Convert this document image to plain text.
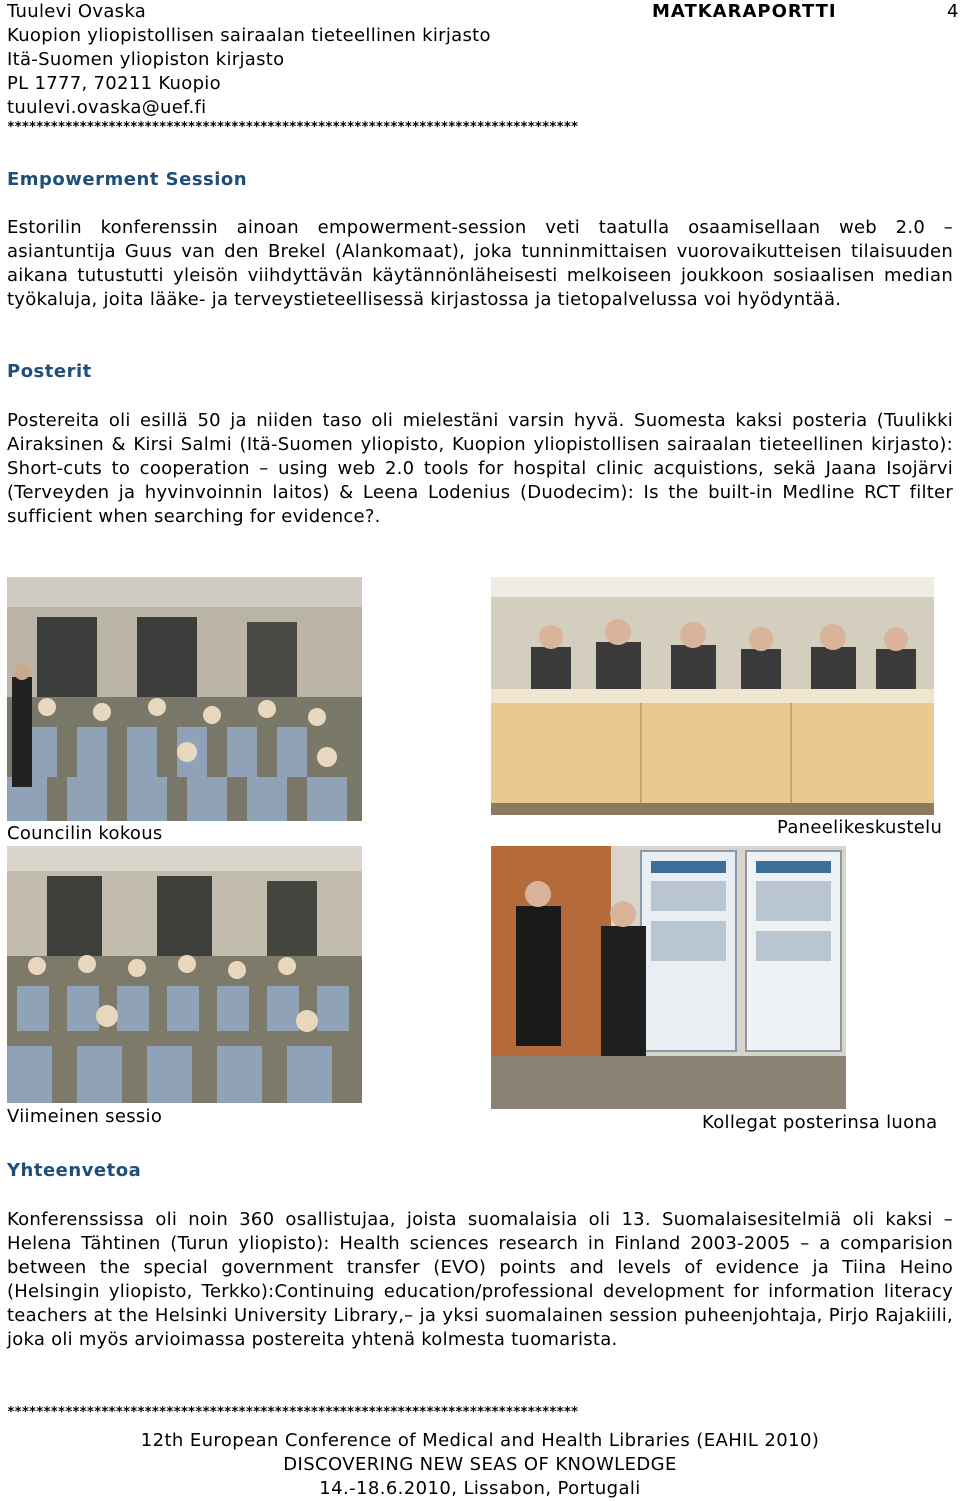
Tuulevi Ovaska
Kuopion yliopistollisen sairaalan tieteellinen kirjasto
Itä-Suomen yliopiston kirjasto
PL 1777, 70211 Kuopio
tuulevi.ovaska@uef.fi
MATKARAPORTTI	4
*******************************************************************************
Empowerment Session
Estorilin konferenssin ainoan empowerment-session veti taatulla osaamisellaan web 2.0 – asiantuntija Guus van den Brekel (Alankomaat), joka tunninmittaisen vuorovaikutteisen tilaisuuden aikana tutustutti yleisön viihdyttävän käytännönläheisesti melkoiseen joukkoon sosiaalisen median työkaluja, joita lääke- ja terveystieteellisessä kirjastossa ja tietopalvelussa voi hyödyntää.
Posterit
Postereita oli esillä 50 ja niiden taso oli mielestäni varsin hyvä. Suomesta kaksi posteria (Tuulikki Airaksinen & Kirsi Salmi (Itä-Suomen yliopisto, Kuopion yliopistollisen sairaalan tieteellinen kirjasto): Short-cuts to cooperation – using web 2.0 tools for hospital clinic acquistions, sekä Jaana Isojärvi (Terveyden ja hyvinvoinnin laitos) & Leena Lodenius (Duodecim): Is the built-in Medline RCT filter sufficient when searching for evidence?.
Councilin kokous	Paneelikeskustelu
Viimeinen sessio	Kollegat posterinsa luona
Yhteenvetoa
Konferenssissa oli noin 360 osallistujaa, joista suomalaisia oli 13. Suomalaisesitelmiä oli kaksi – Helena Tähtinen (Turun yliopisto): Health sciences research in Finland 2003-2005 – a comparision between the special government transfer (EVO) points and levels of evidence ja Tiina Heino (Helsingin yliopisto, Terkko):Continuing education/professional development for information literacy teachers at the Helsinki University Library,– ja yksi suomalainen session puheenjohtaja, Pirjo Rajakiili, joka oli myös arvioimassa postereita yhtenä kolmesta tuomarista.
*******************************************************************************
12th European Conference of Medical and Health Libraries (EAHIL 2010)
DISCOVERING NEW SEAS OF KNOWLEDGE
14.-18.6.2010, Lissabon, Portugali
